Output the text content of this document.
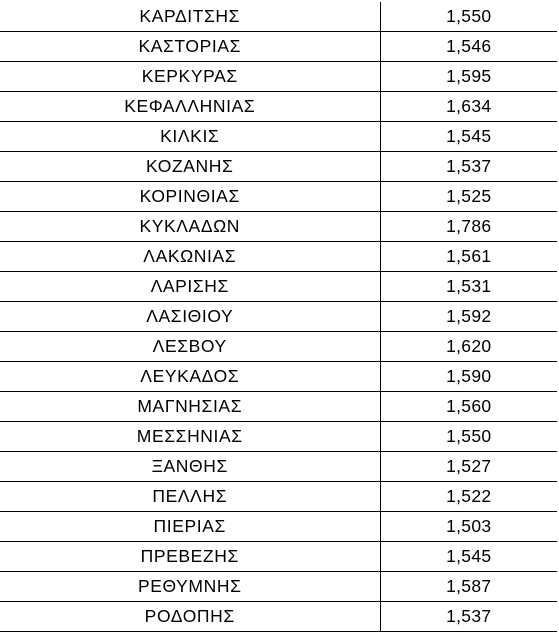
ΚΑΡΔΙΤΣΗΣ	1,550
ΚΑΣΤΟΡΙΑΣ	1,546
ΚΕΡΚΥΡΑΣ	1,595
ΚΕΦΑΛΛΗΝΙΑΣ	1,634
ΚΙΛΚΙΣ	1,545
ΚΟΖΑΝΗΣ	1,537
ΚΟΡΙΝΘΙΑΣ	1,525
ΚΥΚΛΑΔΩΝ	1,786
ΛΑΚΩΝΙΑΣ	1,561
ΛΑΡΙΣΗΣ	1,531
ΛΑΣΙΘΙΟΥ	1,592
ΛΕΣΒΟΥ	1,620
ΛΕΥΚΑΔΟΣ	1,590
ΜΑΓΝΗΣΙΑΣ	1,560
ΜΕΣΣΗΝΙΑΣ	1,550
ΞΑΝΘΗΣ	1,527
ΠΕΛΛΗΣ	1,522
ΠΙΕΡΙΑΣ	1,503
ΠΡΕΒΕΖΗΣ	1,545
ΡΕΘΥΜΝΗΣ	1,587
ΡΟΔΟΠΗΣ	1,537
